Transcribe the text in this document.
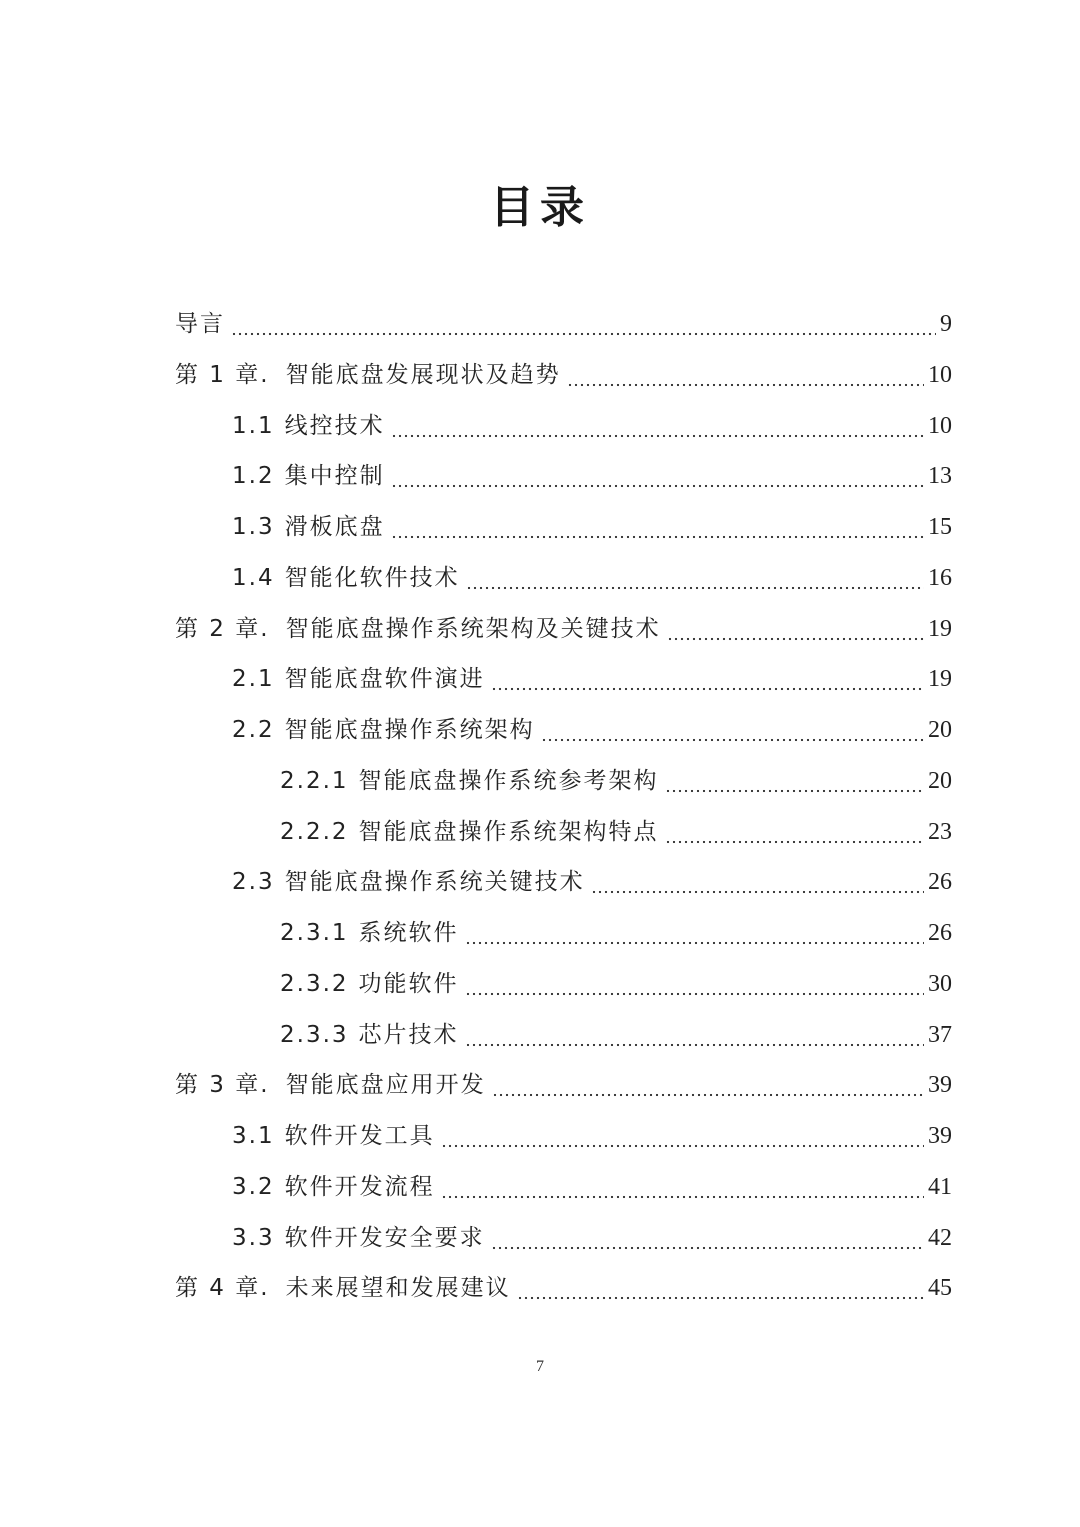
目录
导言	9
第 1 章. 智能底盘发展现状及趋势	10
1.1 线控技术	10
1.2 集中控制	13
1.3 滑板底盘	15
1.4 智能化软件技术	16
第 2 章. 智能底盘操作系统架构及关键技术	19
2.1 智能底盘软件演进	19
2.2 智能底盘操作系统架构	20
2.2.1 智能底盘操作系统参考架构	20
2.2.2 智能底盘操作系统架构特点	23
2.3 智能底盘操作系统关键技术	26
2.3.1 系统软件	26
2.3.2 功能软件	30
2.3.3 芯片技术	37
第 3 章. 智能底盘应用开发	39
3.1 软件开发工具	39
3.2 软件开发流程	41
3.3 软件开发安全要求	42
第 4 章. 未来展望和发展建议	45
7
